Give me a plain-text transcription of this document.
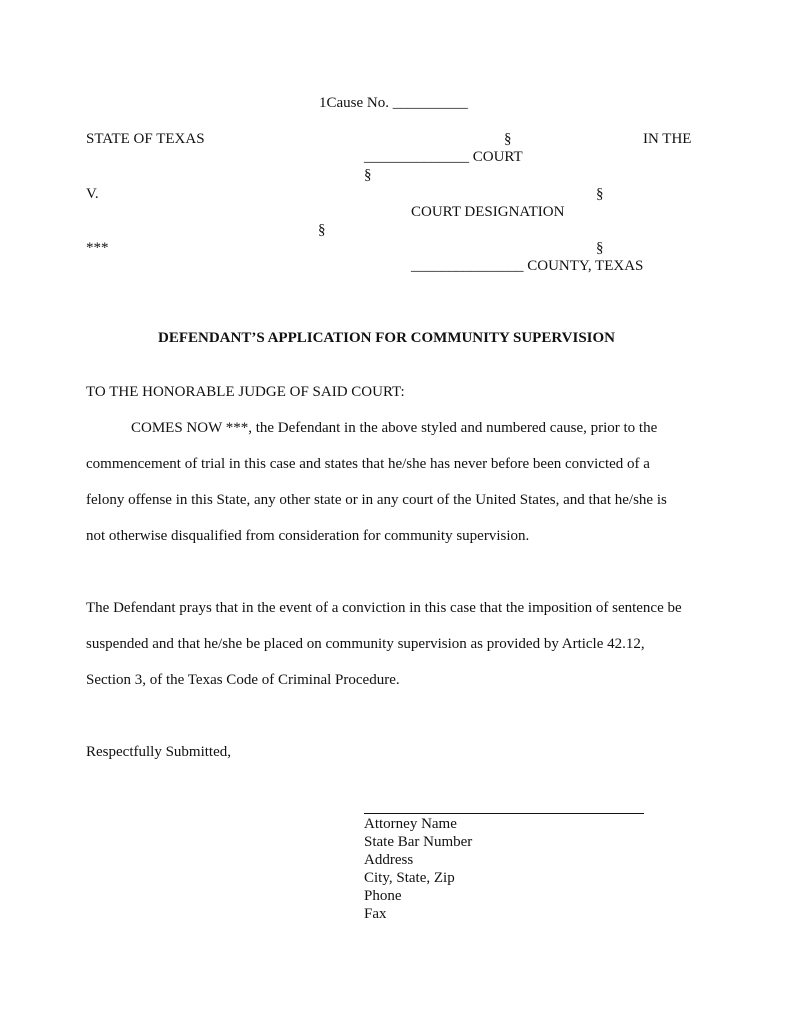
1Cause No. __________
STATE OF TEXAS	§	IN THE
______________ COURT
§
V.	§
COURT DESIGNATION
§
***	§
_______________ COUNTY, TEXAS
DEFENDANT’S APPLICATION FOR COMMUNITY SUPERVISION
TO THE HONORABLE JUDGE OF SAID COURT:
COMES NOW ***, the Defendant in the above styled and numbered cause, prior to the
commencement of trial in this case and states that he/she has never before been convicted of a
felony offense in this State, any other state or in any court of the United States, and that he/she is
not otherwise disqualified from consideration for community supervision.
The Defendant prays that in the event of a conviction in this case that the imposition of sentence be
suspended and that he/she be placed on community supervision as provided by Article 42.12,
Section 3, of the Texas Code of Criminal Procedure.
Respectfully Submitted,
Attorney Name
State Bar Number
Address
City, State, Zip
Phone
Fax
